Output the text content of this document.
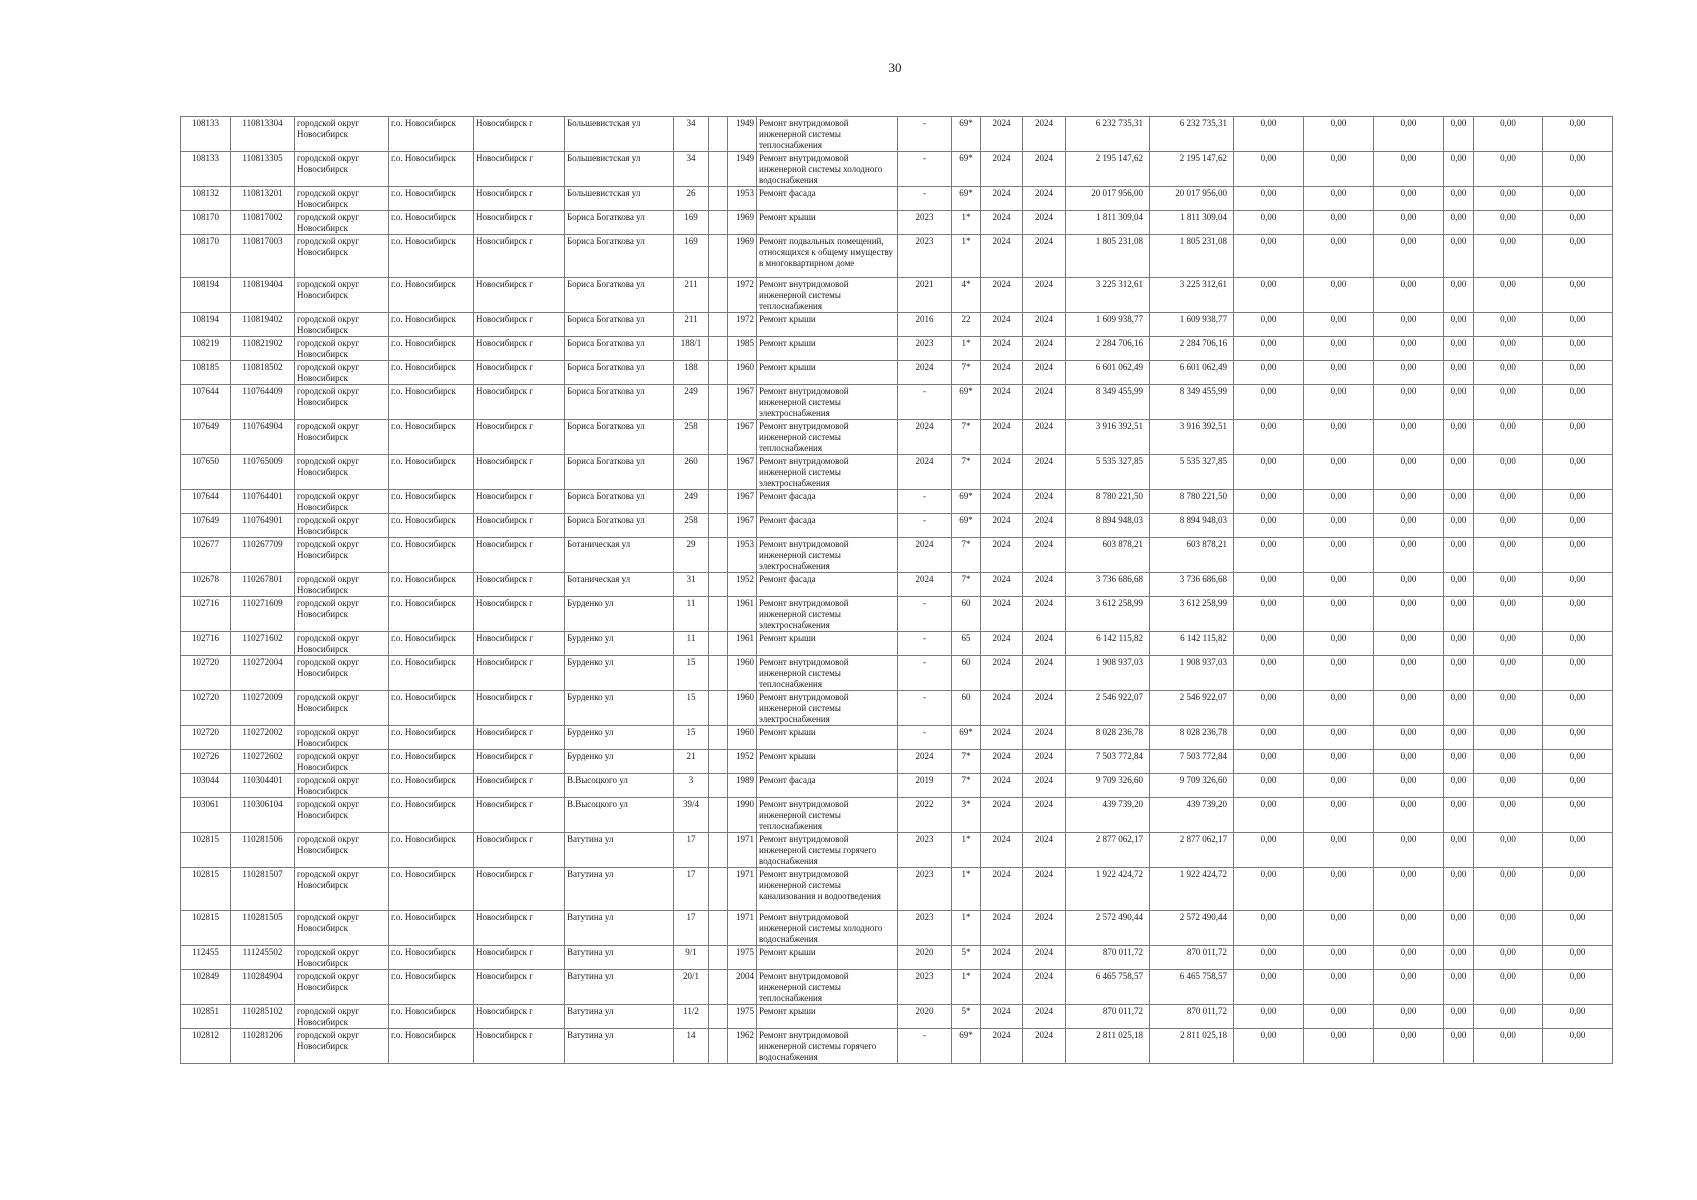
30
108133	110813304	городской округ Новосибирск	г.о. Новосибирск	Новосибирск г	Большевистская ул	34		1949	Ремонт внутридомовой инженерной системы теплоснабжения	-	69*	2024	2024	6 232 735,31	6 232 735,31	0,00	0,00	0,00	0,00	0,00	0,00
108133	110813305	городской округ Новосибирск	г.о. Новосибирск	Новосибирск г	Большевистская ул	34		1949	Ремонт внутридомовой инженерной системы холодного водоснабжения	-	69*	2024	2024	2 195 147,62	2 195 147,62	0,00	0,00	0,00	0,00	0,00	0,00
108132	110813201	городской округ Новосибирск	г.о. Новосибирск	Новосибирск г	Большевистская ул	26		1953	Ремонт фасада	-	69*	2024	2024	20 017 956,00	20 017 956,00	0,00	0,00	0,00	0,00	0,00	0,00
108170	110817002	городской округ Новосибирск	г.о. Новосибирск	Новосибирск г	Бориса Богаткова ул	169		1969	Ремонт крыши	2023	1*	2024	2024	1 811 309,04	1 811 309,04	0,00	0,00	0,00	0,00	0,00	0,00
108170	110817003	городской округ Новосибирск	г.о. Новосибирск	Новосибирск г	Бориса Богаткова ул	169		1969	Ремонт подвальных помещений, относящихся к общему имуществу в многоквартирном доме	2023	1*	2024	2024	1 805 231,08	1 805 231,08	0,00	0,00	0,00	0,00	0,00	0,00
108194	110819404	городской округ Новосибирск	г.о. Новосибирск	Новосибирск г	Бориса Богаткова ул	211		1972	Ремонт внутридомовой инженерной системы теплоснабжения	2021	4*	2024	2024	3 225 312,61	3 225 312,61	0,00	0,00	0,00	0,00	0,00	0,00
108194	110819402	городской округ Новосибирск	г.о. Новосибирск	Новосибирск г	Бориса Богаткова ул	211		1972	Ремонт крыши	2016	22	2024	2024	1 609 938,77	1 609 938,77	0,00	0,00	0,00	0,00	0,00	0,00
108219	110821902	городской округ Новосибирск	г.о. Новосибирск	Новосибирск г	Бориса Богаткова ул	188/1		1985	Ремонт крыши	2023	1*	2024	2024	2 284 706,16	2 284 706,16	0,00	0,00	0,00	0,00	0,00	0,00
108185	110818502	городской округ Новосибирск	г.о. Новосибирск	Новосибирск г	Бориса Богаткова ул	188		1960	Ремонт крыши	2024	7*	2024	2024	6 601 062,49	6 601 062,49	0,00	0,00	0,00	0,00	0,00	0,00
107644	110764409	городской округ Новосибирск	г.о. Новосибирск	Новосибирск г	Бориса Богаткова ул	249		1967	Ремонт внутридомовой инженерной системы электроснабжения	-	69*	2024	2024	8 349 455,99	8 349 455,99	0,00	0,00	0,00	0,00	0,00	0,00
107649	110764904	городской округ Новосибирск	г.о. Новосибирск	Новосибирск г	Бориса Богаткова ул	258		1967	Ремонт внутридомовой инженерной системы теплоснабжения	2024	7*	2024	2024	3 916 392,51	3 916 392,51	0,00	0,00	0,00	0,00	0,00	0,00
107650	110765009	городской округ Новосибирск	г.о. Новосибирск	Новосибирск г	Бориса Богаткова ул	260		1967	Ремонт внутридомовой инженерной системы электроснабжения	2024	7*	2024	2024	5 535 327,85	5 535 327,85	0,00	0,00	0,00	0,00	0,00	0,00
107644	110764401	городской округ Новосибирск	г.о. Новосибирск	Новосибирск г	Бориса Богаткова ул	249		1967	Ремонт фасада	-	69*	2024	2024	8 780 221,50	8 780 221,50	0,00	0,00	0,00	0,00	0,00	0,00
107649	110764901	городской округ Новосибирск	г.о. Новосибирск	Новосибирск г	Бориса Богаткова ул	258		1967	Ремонт фасада	-	69*	2024	2024	8 894 948,03	8 894 948,03	0,00	0,00	0,00	0,00	0,00	0,00
102677	110267709	городской округ Новосибирск	г.о. Новосибирск	Новосибирск г	Ботаническая ул	29		1953	Ремонт внутридомовой инженерной системы электроснабжения	2024	7*	2024	2024	603 878,21	603 878,21	0,00	0,00	0,00	0,00	0,00	0,00
102678	110267801	городской округ Новосибирск	г.о. Новосибирск	Новосибирск г	Ботаническая ул	31		1952	Ремонт фасада	2024	7*	2024	2024	3 736 686,68	3 736 686,68	0,00	0,00	0,00	0,00	0,00	0,00
102716	110271609	городской округ Новосибирск	г.о. Новосибирск	Новосибирск г	Бурденко ул	11		1961	Ремонт внутридомовой инженерной системы электроснабжения	-	60	2024	2024	3 612 258,99	3 612 258,99	0,00	0,00	0,00	0,00	0,00	0,00
102716	110271602	городской округ Новосибирск	г.о. Новосибирск	Новосибирск г	Бурденко ул	11		1961	Ремонт крыши	-	65	2024	2024	6 142 115,82	6 142 115,82	0,00	0,00	0,00	0,00	0,00	0,00
102720	110272004	городской округ Новосибирск	г.о. Новосибирск	Новосибирск г	Бурденко ул	15		1960	Ремонт внутридомовой инженерной системы теплоснабжения	-	60	2024	2024	1 908 937,03	1 908 937,03	0,00	0,00	0,00	0,00	0,00	0,00
102720	110272009	городской округ Новосибирск	г.о. Новосибирск	Новосибирск г	Бурденко ул	15		1960	Ремонт внутридомовой инженерной системы электроснабжения	-	60	2024	2024	2 546 922,07	2 546 922,07	0,00	0,00	0,00	0,00	0,00	0,00
102720	110272002	городской округ Новосибирск	г.о. Новосибирск	Новосибирск г	Бурденко ул	15		1960	Ремонт крыши	-	69*	2024	2024	8 028 236,78	8 028 236,78	0,00	0,00	0,00	0,00	0,00	0,00
102726	110272602	городской округ Новосибирск	г.о. Новосибирск	Новосибирск г	Бурденко ул	21		1952	Ремонт крыши	2024	7*	2024	2024	7 503 772,84	7 503 772,84	0,00	0,00	0,00	0,00	0,00	0,00
103044	110304401	городской округ Новосибирск	г.о. Новосибирск	Новосибирск г	В.Высоцкого ул	3		1989	Ремонт фасада	2019	7*	2024	2024	9 709 326,60	9 709 326,60	0,00	0,00	0,00	0,00	0,00	0,00
103061	110306104	городской округ Новосибирск	г.о. Новосибирск	Новосибирск г	В.Высоцкого ул	39/4		1990	Ремонт внутридомовой инженерной системы теплоснабжения	2022	3*	2024	2024	439 739,20	439 739,20	0,00	0,00	0,00	0,00	0,00	0,00
102815	110281506	городской округ Новосибирск	г.о. Новосибирск	Новосибирск г	Ватутина ул	17		1971	Ремонт внутридомовой инженерной системы горячего водоснабжения	2023	1*	2024	2024	2 877 062,17	2 877 062,17	0,00	0,00	0,00	0,00	0,00	0,00
102815	110281507	городской округ Новосибирск	г.о. Новосибирск	Новосибирск г	Ватутина ул	17		1971	Ремонт внутридомовой инженерной системы канализования и водоотведения	2023	1*	2024	2024	1 922 424,72	1 922 424,72	0,00	0,00	0,00	0,00	0,00	0,00
102815	110281505	городской округ Новосибирск	г.о. Новосибирск	Новосибирск г	Ватутина ул	17		1971	Ремонт внутридомовой инженерной системы холодного водоснабжения	2023	1*	2024	2024	2 572 490,44	2 572 490,44	0,00	0,00	0,00	0,00	0,00	0,00
112455	111245502	городской округ Новосибирск	г.о. Новосибирск	Новосибирск г	Ватутина ул	9/1		1975	Ремонт крыши	2020	5*	2024	2024	870 011,72	870 011,72	0,00	0,00	0,00	0,00	0,00	0,00
102849	110284904	городской округ Новосибирск	г.о. Новосибирск	Новосибирск г	Ватутина ул	20/1		2004	Ремонт внутридомовой инженерной системы теплоснабжения	2023	1*	2024	2024	6 465 758,57	6 465 758,57	0,00	0,00	0,00	0,00	0,00	0,00
102851	110285102	городской округ Новосибирск	г.о. Новосибирск	Новосибирск г	Ватутина ул	11/2		1975	Ремонт крыши	2020	5*	2024	2024	870 011,72	870 011,72	0,00	0,00	0,00	0,00	0,00	0,00
102812	110281206	городской округ Новосибирск	г.о. Новосибирск	Новосибирск г	Ватутина ул	14		1962	Ремонт внутридомовой инженерной системы горячего водоснабжения	-	69*	2024	2024	2 811 025,18	2 811 025,18	0,00	0,00	0,00	0,00	0,00	0,00
